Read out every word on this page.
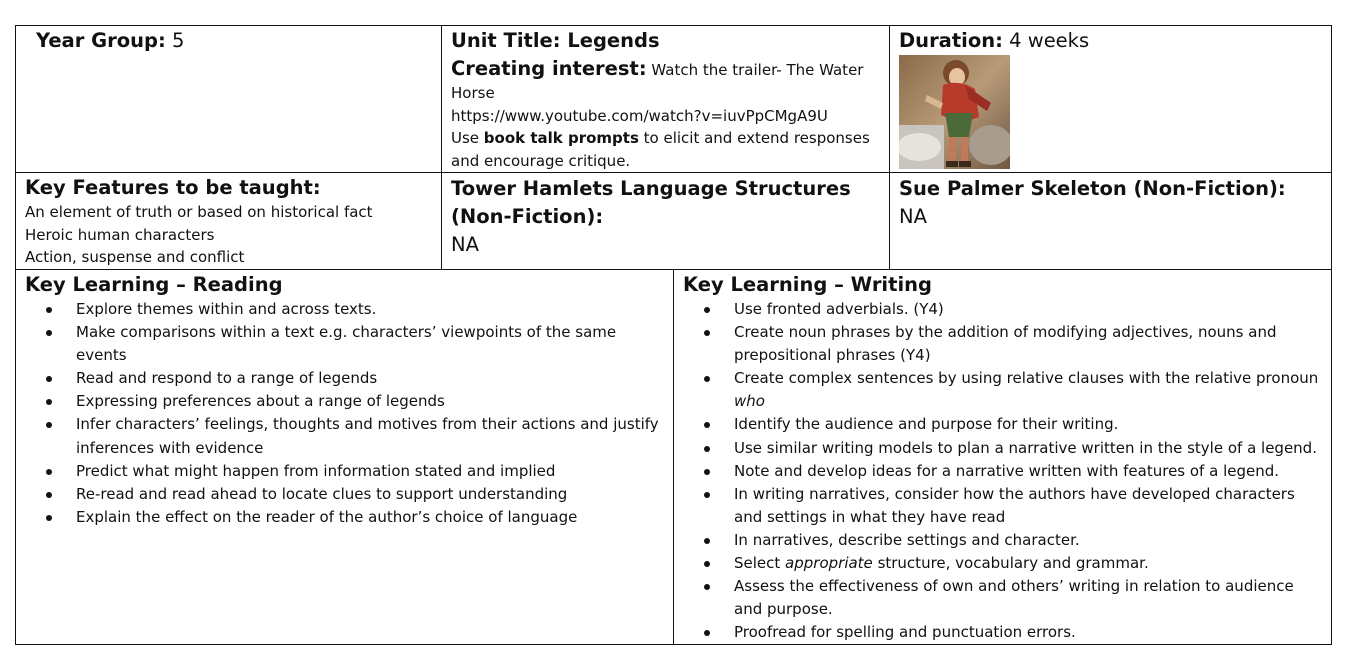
Year Group: 5	Unit Title: Legends
Creating interest: Watch the trailer- The Water Horse
https://www.youtube.com/watch?v=iuvPpCMgA9U
Use book talk prompts to elicit and extend responses and encourage critique.
Duration: 4 weeks
Key Features to be taught:
An element of truth or based on historical fact
Heroic human characters
Action, suspense and conflict
Tower Hamlets Language Structures (Non-Fiction):
NA
Sue Palmer Skeleton (Non-Fiction):
NA
Key Learning – Reading
Explore themes within and across texts.
Make comparisons within a text e.g. characters’ viewpoints of the same events
Read and respond to a range of legends
Expressing preferences about a range of legends
Infer characters’ feelings, thoughts and motives from their actions and justify inferences with evidence
Predict what might happen from information stated and implied
Re-read and read ahead to locate clues to support understanding
Explain the effect on the reader of the author’s choice of language
Key Learning – Writing
Use fronted adverbials. (Y4)
Create noun phrases by the addition of modifying adjectives, nouns and prepositional phrases (Y4)
Create complex sentences by using relative clauses with the relative pronoun who
Identify the audience and purpose for their writing.
Use similar writing models to plan a narrative written in the style of a legend.
Note and develop ideas for a narrative written with features of a legend.
In writing narratives, consider how the authors have developed characters and settings in what they have read
In narratives, describe settings and character.
Select appropriate structure, vocabulary and grammar.
Assess the effectiveness of own and others’ writing in relation to audience and purpose.
Proofread for spelling and punctuation errors.
